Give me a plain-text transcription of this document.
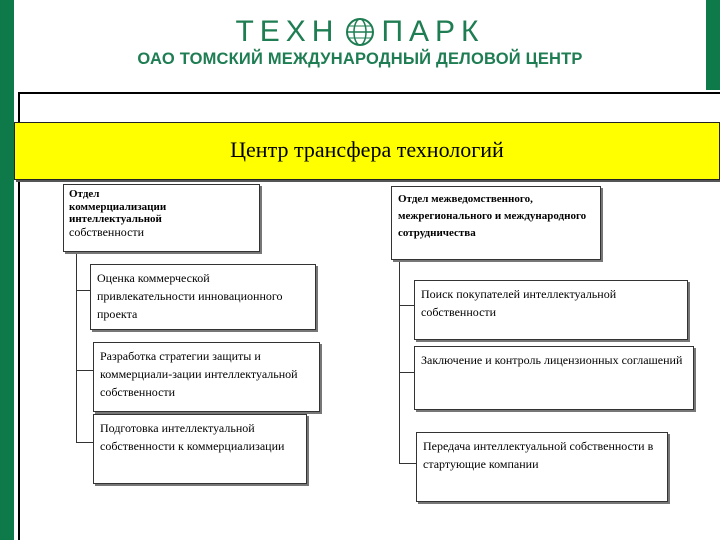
ТЕХН ПАРК
ОАО ТОМСКИЙ МЕЖДУНАРОДНЫЙ ДЕЛОВОЙ ЦЕНТР
Центр трансфера технологий
Отдел
коммерциализации
интеллектуальной
собственности
Оценка коммерческой привлекательности инновационного проекта
Разработка стратегии защиты и коммерциали-зации интеллектуальной собственности
Подготовка интеллектуальной собственности к коммерциализации
Отдел межведомственного, межрегионального и международного сотрудничества
Поиск покупателей интеллектуальной собственности
Заключение и контроль лицензионных соглашений
Передача интеллектуальной собственности в стартующие компании
